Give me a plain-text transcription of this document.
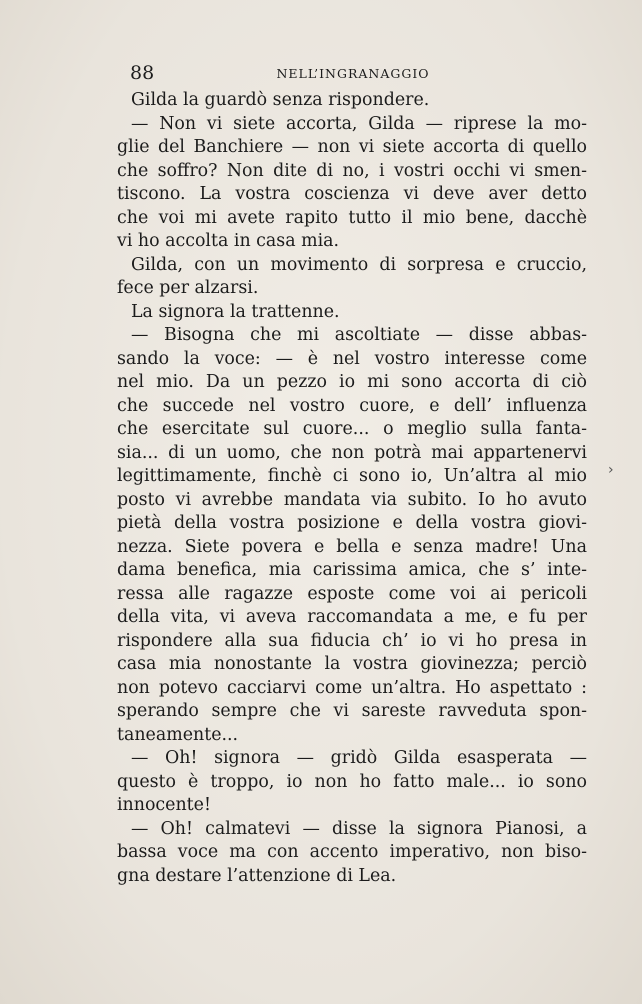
88	NELL’INGRANAGGIO
Gilda la guardò senza rispondere.
— Non vi siete accorta, Gilda — riprese la mo-
glie del Banchiere — non vi siete accorta di quello
che soffro? Non dite di no, i vostri occhi vi smen-
tiscono. La vostra coscienza vi deve aver detto
che voi mi avete rapito tutto il mio bene, dacchè
vi ho accolta in casa mia.
Gilda, con un movimento di sorpresa e cruccio,
fece per alzarsi.
La signora la trattenne.
— Bisogna che mi ascoltiate — disse abbas-
sando la voce: — è nel vostro interesse come
nel mio. Da un pezzo io mi sono accorta di ciò
che succede nel vostro cuore, e dell’ influenza
che esercitate sul cuore... o meglio sulla fanta-
sia... di un uomo, che non potrà mai appartenervi
legittimamente, finchè ci sono io, Un’altra al mio
posto vi avrebbe mandata via subito. Io ho avuto
pietà della vostra posizione e della vostra giovi-
nezza. Siete povera e bella e senza madre! Una
dama benefica, mia carissima amica, che s’ inte-
ressa alle ragazze esposte come voi ai pericoli
della vita, vi aveva raccomandata a me, e fu per
rispondere alla sua fiducia ch’ io vi ho presa in
casa mia nonostante la vostra giovinezza; perciò
non potevo cacciarvi come un’altra. Ho aspettato :
sperando sempre che vi sareste ravveduta spon-
taneamente...
— Oh! signora — gridò Gilda esasperata —
questo è troppo, io non ho fatto male... io sono
innocente!
— Oh! calmatevi — disse la signora Pianosi, a
bassa voce ma con accento imperativo, non biso-
gna destare l’attenzione di Lea.
›
